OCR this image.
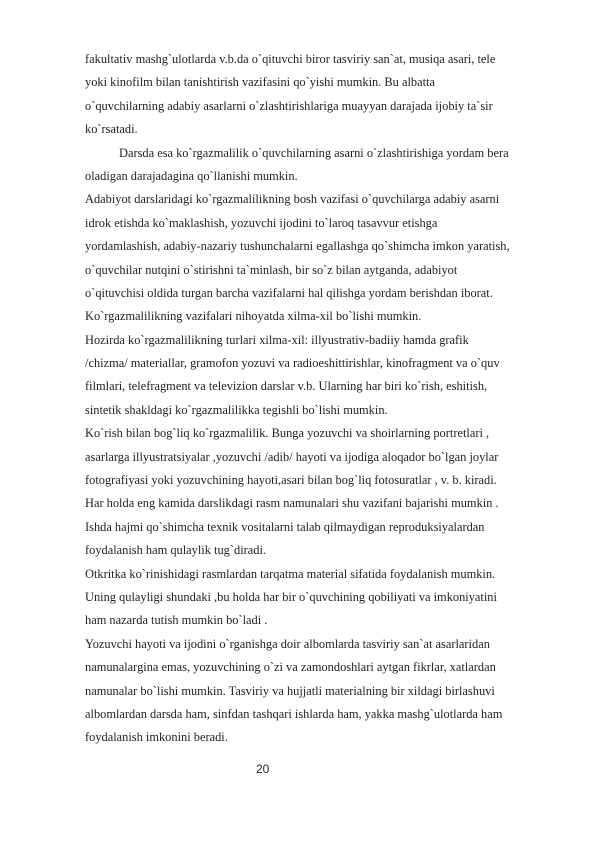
fakultativ mashg`ulotlarda v.b.da o`qituvchi biror tasviriy san`at, musiqa asari, tele
yoki kinofilm bilan tanishtirish vazifasini qo`yishi mumkin. Bu albatta
o`quvchilarning adabiy asarlarni o`zlashtirishlariga muayyan darajada ijobiy ta`sir
ko`rsatadi.
Darsda esa ko`rgazmalilik o`quvchilarning asarni o`zlashtirishiga yordam bera
oladigan darajadagina qo`llanishi mumkin.
Adabiyot darslaridagi ko`rgazmalilikning bosh vazifasi o`quvchilarga adabiy asarni
idrok etishda ko`maklashish, yozuvchi ijodini to`laroq tasavvur etishga
yordamlashish, adabiy-nazariy tushunchalarni egallashga qo`shimcha imkon yaratish,
o`quvchilar nutqini o`stirishni ta`minlash, bir so`z bilan aytganda, adabiyot
o`qituvchisi oldida turgan barcha vazifalarni hal qilishga yordam berishdan iborat.
Ko`rgazmalilikning vazifalari nihoyatda xilma-xil bo`lishi mumkin.
Hozirda ko`rgazmalilikning turlari xilma-xil: illyustrativ-badiiy hamda grafik
/chizma/ materiallar, gramofon yozuvi va radioeshittirishlar, kinofragment va o`quv
filmlari, telefragment va televizion darslar v.b. Ularning har biri ko`rish, eshitish,
sintetik shakldagi ko`rgazmalilikka tegishli bo`lishi mumkin.
Ko`rish bilan bog`liq ko`rgazmalilik. Bunga yozuvchi va shoirlarning portretlari ,
asarlarga illyustratsiyalar ,yozuvchi /adib/ hayoti va ijodiga aloqador bo`lgan joylar
fotografiyasi yoki yozuvchining hayoti,asari bilan bog`liq fotosuratlar , v. b. kiradi.
Har holda eng kamida darslikdagi rasm namunalari shu vazifani bajarishi mumkin .
Ishda hajmi qo`shimcha texnik vositalarni talab qilmaydigan reproduksiyalardan
foydalanish ham qulaylik tug`diradi.
Otkritka ko`rinishidagi rasmlardan tarqatma material sifatida foydalanish mumkin.
Uning qulayligi shundaki ,bu holda har bir o`quvchining qobiliyati va imkoniyatini
ham nazarda tutish mumkin bo`ladi .
Yozuvchi hayoti va ijodini o`rganishga doir albomlarda tasviriy san`at asarlaridan
namunalargina emas, yozuvchining o`zi va zamondoshlari aytgan fikrlar, xatlardan
namunalar bo`lishi mumkin. Tasviriy va hujjatli materialning bir xildagi birlashuvi
albomlardan darsda ham, sinfdan tashqari ishlarda ham, yakka mashg`ulotlarda ham
foydalanish imkonini beradi.
20
